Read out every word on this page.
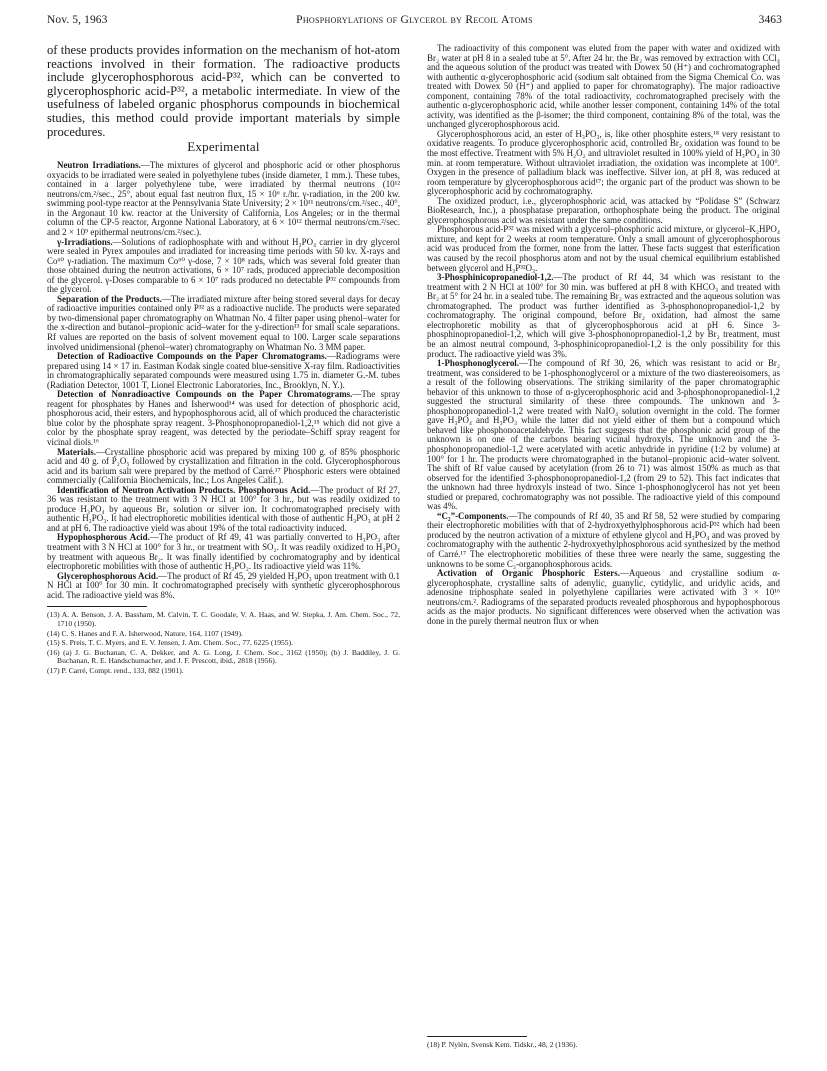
Nov. 5, 1963	Phosphorylations of Glycerol by Recoil Atoms	3463

of these products provides information on the mechanism of hot-atom reactions involved in their formation. The radioactive products include glycerophosphorous acid-P³², which can be converted to glycerophosphoric acid-P³², a metabolic intermediate. In view of the usefulness of labeled organic phosphorus compounds in biochemical studies, this method could provide important materials by simple procedures.

Experimental

Neutron Irradiations.—The mixtures of glycerol and phosphoric acid or other phosphorus oxyacids to be irradiated were sealed in polyethylene tubes (inside diameter, 1 mm.). These tubes, contained in a larger polyethylene tube, were irradiated by thermal neutrons (10¹² neutrons/cm.²/sec., 25°, about equal fast neutron flux, 15 × 10⁶ r./hr. γ-radiation, in the 200 kw. swimming pool-type reactor at the Pennsylvania State University; 2 × 10¹¹ neutrons/cm.²/sec., 40°, in the Argonaut 10 kw. reactor at the University of California, Los Angeles; or in the thermal column of the CP-5 reactor, Argonne National Laboratory, at 6 × 10¹² thermal neutrons/cm.²/sec. and 2 × 10⁹ epithermal neutrons/cm.²/sec.).

γ-Irradiations.—Solutions of radiophosphate with and without H₃PO₄ carrier in dry glycerol were sealed in Pyrex ampoules and irradiated for increasing time periods with 50 kv. X-rays and Co⁶⁰ γ-radiation. The maximum Co⁶⁰ γ-dose, 7 × 10⁸ rads, which was several fold greater than those obtained during the neutron activations, 6 × 10⁷ rads, produced appreciable decomposition of the glycerol. γ-Doses comparable to 6 × 10⁷ rads produced no detectable P³² compounds from the glycerol.

Separation of the Products.—The irradiated mixture after being stored several days for decay of radioactive impurities contained only P³² as a radioactive nuclide. The products were separated by two-dimensional paper chromatography on Whatman No. 4 filter paper using phenol–water for the x-direction and butanol–propionic acid–water for the y-direction¹³ for small scale separations. Rf values are reported on the basis of solvent movement equal to 100. Larger scale separations involved unidimensional (phenol–water) chromatography on Whatman No. 3 MM paper.

Detection of Radioactive Compounds on the Paper Chromatograms.—Radiograms were prepared using 14 × 17 in. Eastman Kodak single coated blue-sensitive X-ray film. Radioactivities in chromatographically separated compounds were measured using 1.75 in. diameter G.-M. tubes (Radiation Detector, 1001 T, Lionel Electronic Laboratories, Inc., Brooklyn, N. Y.).

Detection of Nonradioactive Compounds on the Paper Chromatograms.—The spray reagent for phosphates by Hanes and Isherwood¹⁴ was used for detection of phosphoric acid, phosphorous acid, their esters, and hypophosphorous acid, all of which produced the characteristic blue color by the phosphate spray reagent. 3-Phosphonopropanediol-1,2,¹⁵ which did not give a color by the phosphate spray reagent, was detected by the periodate–Schiff spray reagent for vicinal diols.¹⁶

Materials.—Crystalline phosphoric acid was prepared by mixing 100 g. of 85% phosphoric acid and 40 g. of P₂O₅ followed by crystallization and filtration in the cold. Glycerophosphorous acid and its barium salt were prepared by the method of Carré.¹⁷ Phosphoric esters were obtained commercially (California Biochemicals, Inc.; Los Angeles Calif.).

Identification of Neutron Activation Products. Phosphorous Acid.—The product of Rf 27, 36 was resistant to the treatment with 3 N HCl at 100° for 3 hr., but was readily oxidized to produce H₃PO₄ by aqueous Br₂ solution or silver ion. It cochromatographed precisely with authentic H₃PO₃. It had electrophoretic mobilities identical with those of authentic H₃PO₃ at pH 2 and at pH 6. The radioactive yield was about 19% of the total radioactivity induced.

Hypophosphorous Acid.—The product of Rf 49, 41 was partially converted to H₃PO₃ after treatment with 3 N HCl at 100° for 3 hr., or treatment with SO₂. It was readily oxidized to H₃PO₄ by treatment with aqueous Br₂. It was finally identified by cochromatography and by identical electrophoretic mobilities with those of authentic H₃PO₂. Its radioactive yield was 11%.

Glycerophosphorous Acid.—The product of Rf 45, 29 yielded H₃PO₃ upon treatment with 0.1 N HCl at 100° for 30 min. It cochromatographed precisely with synthetic glycerophosphorous acid. The radioactive yield was 8%.

(13) A. A. Benson, J. A. Bassham, M. Calvin, T. C. Goodale, V. A. Haas, and W. Stepka, J. Am. Chem. Soc., 72, 1710 (1950).

(14) C. S. Hanes and F. A. Isherwood, Nature, 164, 1107 (1949).

(15) S. Preis, T. C. Myers, and E. V. Jensen, J. Am. Chem. Soc., 77, 6225 (1955).

(16) (a) J. G. Buchanan, C. A. Dekker, and A. G. Long, J. Chem. Soc., 3162 (1950); (b) J. Baddiley, J. G. Buchanan, R. E. Handschumacher, and J. F. Prescott, ibid., 2818 (1956).

(17) P. Carré, Compt. rend., 133, 882 (1901).

The radioactivity of this component was eluted from the paper with water and oxidized with Br₂ water at pH 8 in a sealed tube at 5°. After 24 hr. the Br₂ was removed by extraction with CCl₄ and the aqueous solution of the product was treated with Dowex 50 (H⁺) and cochromatographed with authentic α-glycerophosphoric acid (sodium salt obtained from the Sigma Chemical Co. was treated with Dowex 50 (H⁺) and applied to paper for chromatography). The major radioactive component, containing 78% of the total radioactivity, cochromatographed precisely with the authentic α-glycerophosphoric acid, while another lesser component, containing 14% of the total activity, was identified as the β-isomer; the third component, containing 8% of the total, was the unchanged glycerophosphorous acid.

Glycerophosphorous acid, an ester of H₃PO₃, is, like other phosphite esters,¹⁸ very resistant to oxidative reagents. To produce glycerophosphoric acid, controlled Br₂ oxidation was found to be the most effective. Treatment with 5% H₂O₂ and ultraviolet resulted in 100% yield of H₃PO₄ in 30 min. at room temperature. Without ultraviolet irradiation, the oxidation was incomplete at 100°. Oxygen in the presence of palladium black was ineffective. Silver ion, at pH 8, was reduced at room temperature by glycerophosphorous acid¹⁷; the organic part of the product was shown to be glycerophosphoric acid by cochromatography.

The oxidized product, i.e., glycerophosphoric acid, was attacked by “Polidase S” (Schwarz BioResearch, Inc.), a phosphatase preparation, orthophosphate being the product. The original glycerophosphorous acid was resistant under the same conditions.

Phosphorous acid-P³² was mixed with a glycerol–phosphoric acid mixture, or glycerol–K₂HPO₄ mixture, and kept for 2 weeks at room temperature. Only a small amount of glycerophosphorous acid was produced from the former, none from the latter. These facts suggest that esterification was caused by the recoil phosphorus atom and not by the usual chemical equilibrium established between glycerol and H₃P³²O₃.

3-Phosphinicopropanediol-1,2.—The product of Rf 44, 34 which was resistant to the treatment with 2 N HCl at 100° for 30 min. was buffered at pH 8 with KHCO₃ and treated with Br₂ at 5° for 24 hr. in a sealed tube. The remaining Br₂ was extracted and the aqueous solution was chromatographed. The product was further identified as 3-phosphonopropanediol-1,2 by cochromatography. The original compound, before Br₂ oxidation, had almost the same electrophoretic mobility as that of glycerophosphorous acid at pH 6. Since 3-phosphinopropanediol-1,2, which will give 3-phosphonopropanediol-1,2 by Br₂ treatment, must be an almost neutral compound, 3-phosphinicopropanediol-1,2 is the only possibility for this product. The radioactive yield was 3%.

1-Phosphonoglycerol.—The compound of Rf 30, 26, which was resistant to acid or Br₂ treatment, was considered to be 1-phosphonoglycerol or a mixture of the two diastereoisomers, as a result of the following observations. The striking similarity of the paper chromatographic behavior of this unknown to those of α-glycerophosphoric acid and 3-phosphonopropanediol-1,2 suggested the structural similarity of these three compounds. The unknown and 3-phosphonopropanediol-1,2 were treated with NaIO₄ solution overnight in the cold. The former gave H₃PO₄ and H₃PO₃ while the latter did not yield either of them but a compound which behaved like phosphonoacetaldehyde. This fact suggests that the phosphonic acid group of the unknown is on one of the carbons bearing vicinal hydroxyls. The unknown and the 3-phosphonopropanediol-1,2 were acetylated with acetic anhydride in pyridine (1:2 by volume) at 100° for 1 hr. The products were chromatographed in the butanol–propionic acid–water solvent. The shift of Rf value caused by acetylation (from 26 to 71) was almost 150% as much as that observed for the identified 3-phosphonopropanediol-1,2 (from 29 to 52). This fact indicates that the unknown had three hydroxyls instead of two. Since 1-phosphonoglycerol has not yet been studied or prepared, cochromatography was not possible. The radioactive yield of this compound was 4%.

“C₂”-Components.—The compounds of Rf 40, 35 and Rf 58, 52 were studied by comparing their electrophoretic mobilities with that of 2-hydroxyethylphosphorous acid-P³² which had been produced by the neutron activation of a mixture of ethylene glycol and H₃PO₄ and was proved by cochromatography with the authentic 2-hydroxyethylphosphorous acid synthesized by the method of Carré.¹⁷ The electrophoretic mobilities of these three were nearly the same, suggesting the unknowns to be some C₂-organophosphorous acids.

Activation of Organic Phosphoric Esters.—Aqueous and crystalline sodium α-glycerophosphate, crystalline salts of adenylic, guanylic, cytidylic, and uridylic acids, and adenosine triphosphate sealed in polyethylene capillaries were activated with 3 × 10¹⁶ neutrons/cm.². Radiograms of the separated products revealed phosphorous and hypophosphorous acids as the major products. No significant differences were observed when the activation was done in the purely thermal neutron flux or when

(18) P. Nylén, Svensk Kem. Tidskr., 48, 2 (1936).
